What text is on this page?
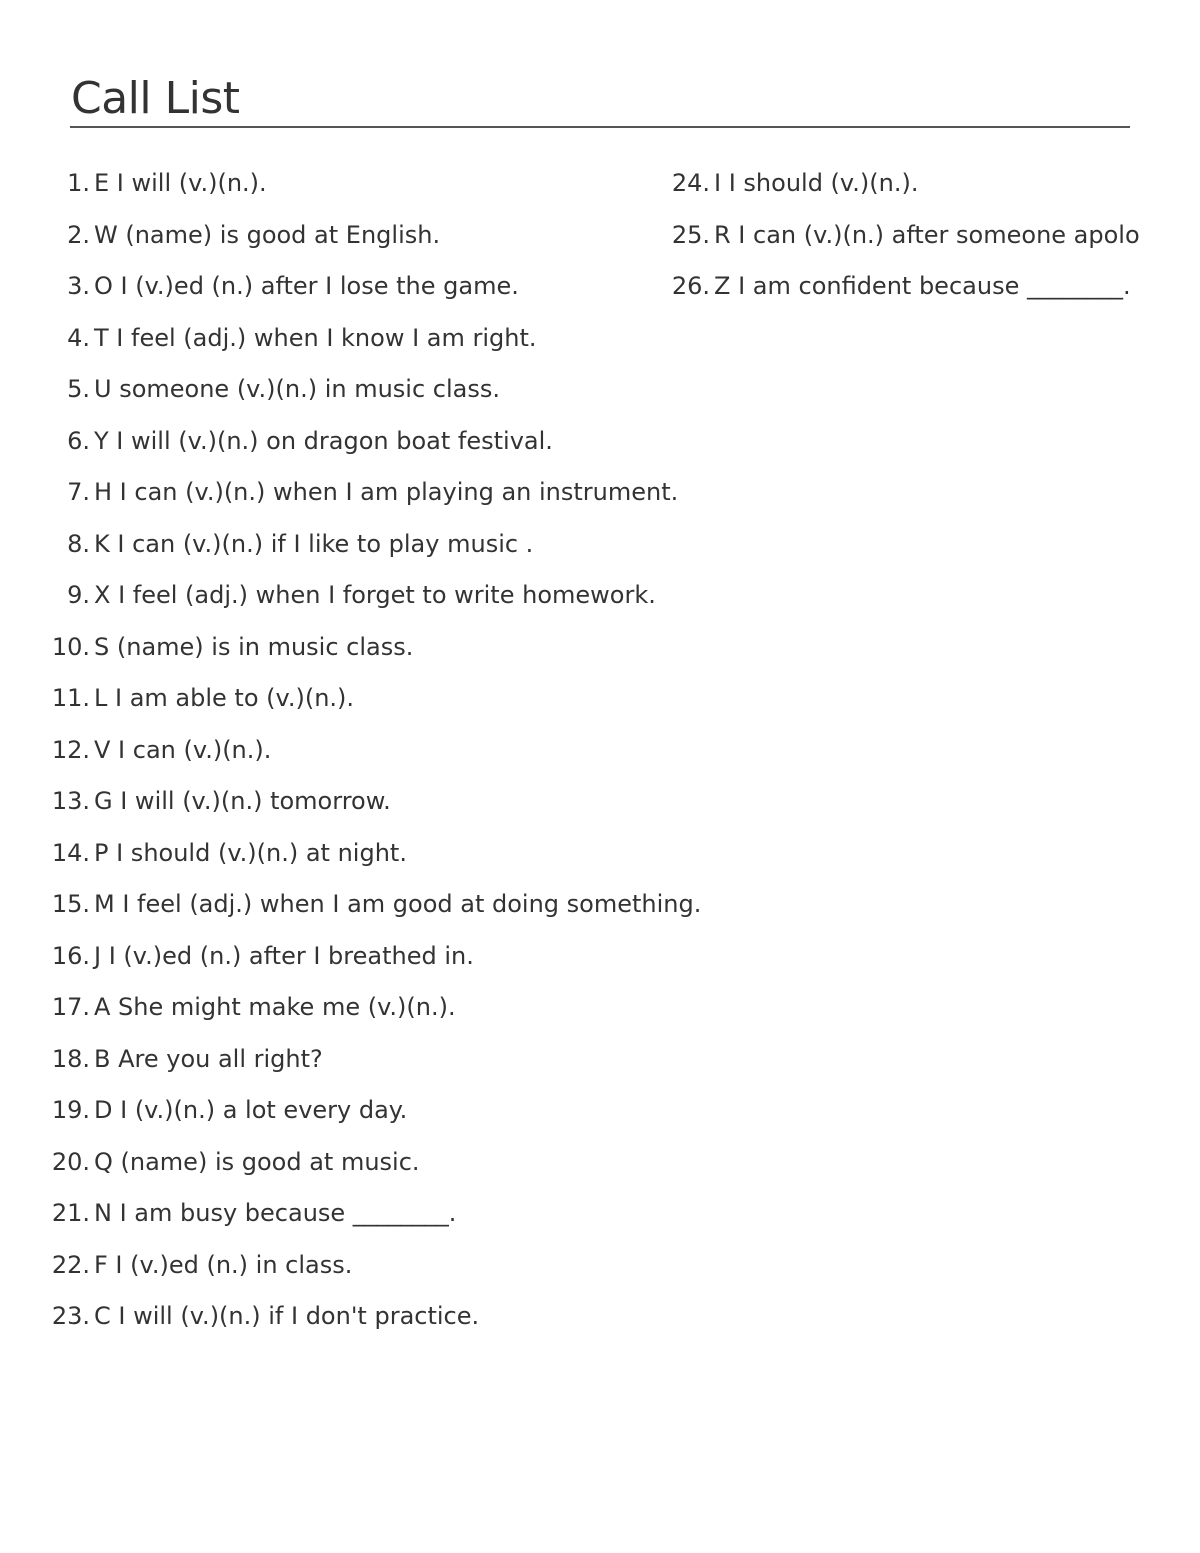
Call List
1. E I will (v.)(n.).
2. W (name) is good at English.
3. O I (v.)ed (n.) after I lose the game.
4. T I feel (adj.) when I know I am right.
5. U someone (v.)(n.) in music class.
6. Y I will (v.)(n.) on dragon boat festival.
7. H I can (v.)(n.) when I am playing an instrument.
8. K I can (v.)(n.) if I like to play music .
9. X I feel (adj.) when I forget to write homework.
10. S (name) is in music class.
11. L I am able to (v.)(n.).
12. V I can (v.)(n.).
13. G I will (v.)(n.) tomorrow.
14. P I should (v.)(n.) at night.
15. M I feel (adj.) when I am good at doing something.
16. J I (v.)ed (n.) after I breathed in.
17. A She might make me (v.)(n.).
18. B Are you all right?
19. D I (v.)(n.) a lot every day.
20. Q (name) is good at music.
21. N I am busy because ________.
22. F I (v.)ed (n.) in class.
23. C I will (v.)(n.) if I don't practice.
24. I I should (v.)(n.).
25. R I can (v.)(n.) after someone apolo
26. Z I am confident because ________.
